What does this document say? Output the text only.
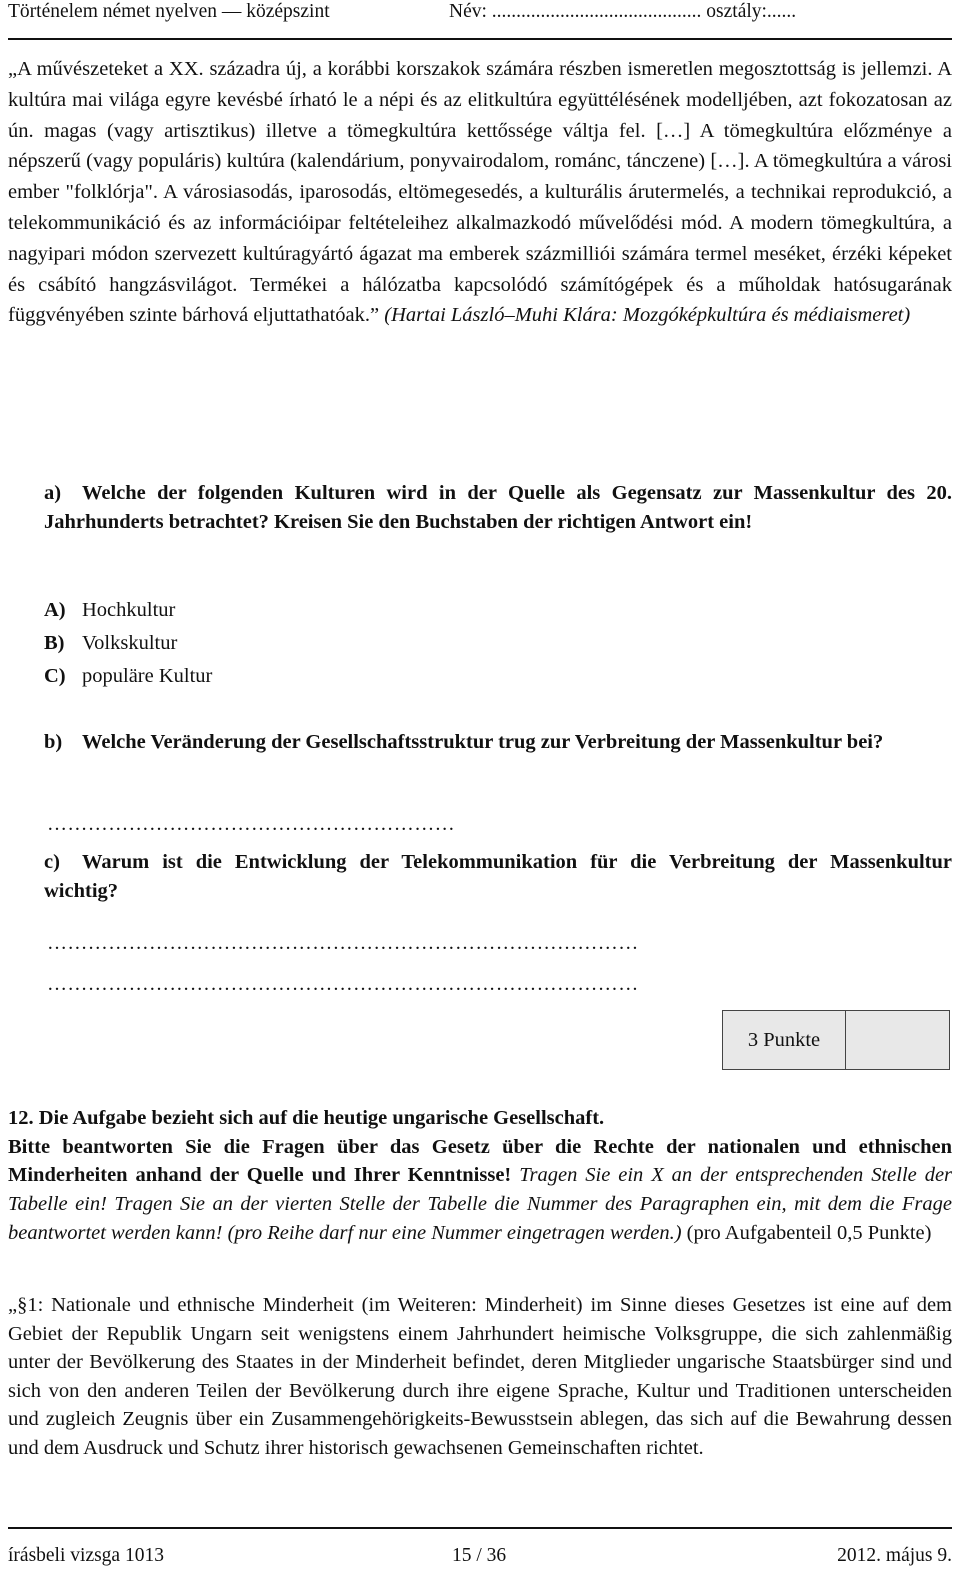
Történelem német nyelven — középszint	Név: ........................................... osztály:......

„A művészeteket a XX. századra új, a korábbi korszakok számára részben ismeretlen megosztottság is jellemzi. A kultúra mai világa egyre kevésbé írható le a népi és az elitkultúra együttélésének modelljében, azt fokozatosan az ún. magas (vagy artisztikus) illetve a tömegkultúra kettőssége váltja fel. […] A tömegkultúra előzménye a népszerű (vagy populáris) kultúra (kalendárium, ponyvairodalom, románc, tánczene) […]. A tömegkultúra a városi ember "folklórja". A városiasodás, iparosodás, eltömegesedés, a kulturális árutermelés, a technikai reprodukció, a telekommunikáció és az információipar feltételeihez alkalmazkodó művelődési mód. A modern tömegkultúra, a nagyipari módon szervezett kultúragyártó ágazat ma emberek százmilliói számára termel meséket, érzéki képeket és csábító hangzásvilágot. Termékei a hálózatba kapcsolódó számítógépek és a műholdak hatósugarának függvényében szinte bárhová eljuttathatóak.” (Hartai László–Muhi Klára: Mozgóképkultúra és médiaismeret)

a) Welche der folgenden Kulturen wird in der Quelle als Gegensatz zur Massenkultur des 20. Jahrhunderts betrachtet? Kreisen Sie den Buchstaben der richtigen Antwort ein!

A) Hochkultur
B) Volkskultur
C) populäre Kultur

b) Welche Veränderung der Gesellschaftsstruktur trug zur Verbreitung der Massenkultur bei?

……………………………………………………

c) Warum ist die Entwicklung der Telekommunikation für die Verbreitung der Massenkultur wichtig?

……………………………………………………………………………
……………………………………………………………………………
3 Punkte

12. Die Aufgabe bezieht sich auf die heutige ungarische Gesellschaft.
Bitte beantworten Sie die Fragen über das Gesetz über die Rechte der nationalen und ethnischen Minderheiten anhand der Quelle und Ihrer Kenntnisse! Tragen Sie ein X an der entsprechenden Stelle der Tabelle ein! Tragen Sie an der vierten Stelle der Tabelle die Nummer des Paragraphen ein, mit dem die Frage beantwortet werden kann! (pro Reihe darf nur eine Nummer eingetragen werden.) (pro Aufgabenteil 0,5 Punkte)

„§1: Nationale und ethnische Minderheit (im Weiteren: Minderheit) im Sinne dieses Gesetzes ist eine auf dem Gebiet der Republik Ungarn seit wenigstens einem Jahrhundert heimische Volksgruppe, die sich zahlenmäßig unter der Bevölkerung des Staates in der Minderheit befindet, deren Mitglieder ungarische Staatsbürger sind und sich von den anderen Teilen der Bevölkerung durch ihre eigene Sprache, Kultur und Traditionen unterscheiden und zugleich Zeugnis über ein Zusammengehörigkeits-Bewusstsein ablegen, das sich auf die Bewahrung dessen und dem Ausdruck und Schutz ihrer historisch gewachsenen Gemeinschaften richtet.

írásbeli vizsga 1013	15 / 36	2012. május 9.
